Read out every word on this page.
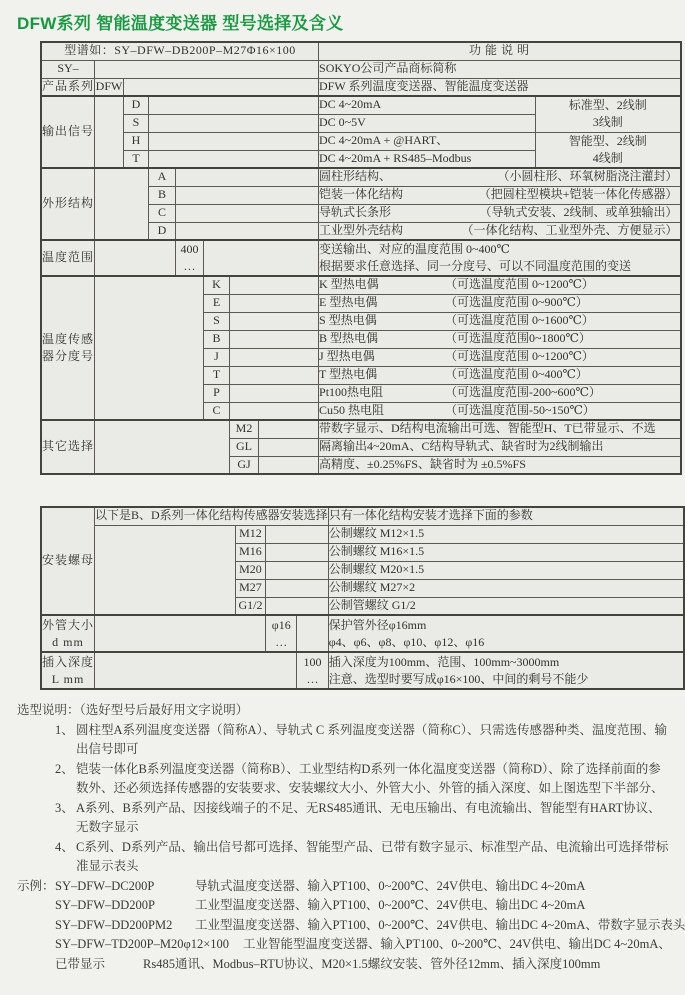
DFW系列 智能温度变送器 型号选择及含义
型谱如：SY–DFW–DB200P–M27Φ16×100								功 能 说 明	
SY–								SOKYO公司产品商标简称	
产品系列	DFW							DFW 系列温度变送器、智能温度变送器	
输出信号		D						DC 4~20mA	标准型、2线制
3线制

		S						DC 0~5V	
		H						DC 4~20mA + @HART、	智能型、2线制
4线制

		T						DC 4~20mA + RS485–Modbus	
外形结构			A					圆柱形结构、 （小圆柱形、环氧树脂浇注灌封）	

			B					铠装一体化结构 （把圆柱型模块+铠装一体化传感器）	

			C					导轨式长条形 （导轨式安装、2线制、或单独输出）	

			D					工业型外壳结构 （一体化结构、工业型外壳、方便显示）	

温度范围				400
…				变送输出、对应的温度范围 0~400℃
根据要求任意选择、同一分度号、可以不同温度范围的变送	

温度传感
器分度号					K			K 型热电偶 （可选温度范围 0~1200℃）	

					E			E 型热电偶 （可选温度范围 0~900℃）	

					S			S 型热电偶 （可选温度范围 0~1600℃）	

					B			B 型热电偶 （可选温度范围0~1800℃）	

					J			J 型热电偶 （可选温度范围 0~1200℃）	

					T			T 型热电偶 （可选温度范围 0~400℃）	

					P			Pt100热电阻 （可选温度范围-200~600℃）	

					C			Cu50 热电阻 （可选温度范围-50~150℃）	

其它选择						M2		带数字显示、D结构电流输出可选、智能型H、T已带显示、不选	
						GL		隔离输出4~20mA、C结构导轨式、缺省时为2线制输出	
						GJ		高精度、±0.25%FS、缺省时为 ±0.5%FS	
安装螺母	以下是B、D系列一体化结构传感器安装选择				只有一体化结构安装才选择下面的参数
		M12			公制螺纹 M12×1.5
		M16			公制螺纹 M16×1.5
		M20			公制螺纹 M20×1.5
		M27			公制螺纹 M27×2
		G1/2			公制管螺纹 G1/2

外管大小
d mm			φ16
…		保护管外径φ16mm
φ4、φ6、φ8、φ10、φ12、φ16

插入深度
L mm				100
…	插入深度为100mm、范围、100mm~3000mm
注意、选型时要写成φ16×100、中间的剩号不能少
选型说明：（选好型号后最好用文字说明）
1、 圆柱型A系列温度变送器（简称A）、导轨式 C 系列温度变送器（简称C）、只需选传感器种类、温度范围、输出信号即可
2、 铠装一体化B系列温度变送器（简称B）、工业型结构D系列一体化温度变送器（简称D）、除了选择前面的参数外、还必须选择传感器的安装要求、安装螺纹大小、外管大小、外管的插入深度、如上图选型下半部分、
3、 A系列、B系列产品、因接线端子的不足、无RS485通讯、无电压输出、有电流输出、智能型有HART协议、无数字显示
4、 C系列、D系列产品、输出信号都可选择、智能型产品、已带有数字显示、标准型产品、电流输出可选择带标准显示表头
示例： SY–DFW–DC200P	导轨式温度变送器、输入PT100、0~200℃、24V供电、输出DC 4~20mA
SY–DFW–DD200P	工业型温度变送器、输入PT100、0~200℃、24V供电、输出DC 4~20mA
SY–DFW–DD200PM2	工业型温度变送器、输入PT100、0~200℃、24V供电、输出DC 4~20mA、带数字显示表头
SY–DFW–TD200P–M20φ12×100 工业智能型温度变送器、输入PT100、0~200℃、24V供电、输出DC 4~20mA、
已带显示	Rs485通讯、Modbus–RTU协议、M20×1.5螺纹安装、管外径12mm、插入深度100mm
